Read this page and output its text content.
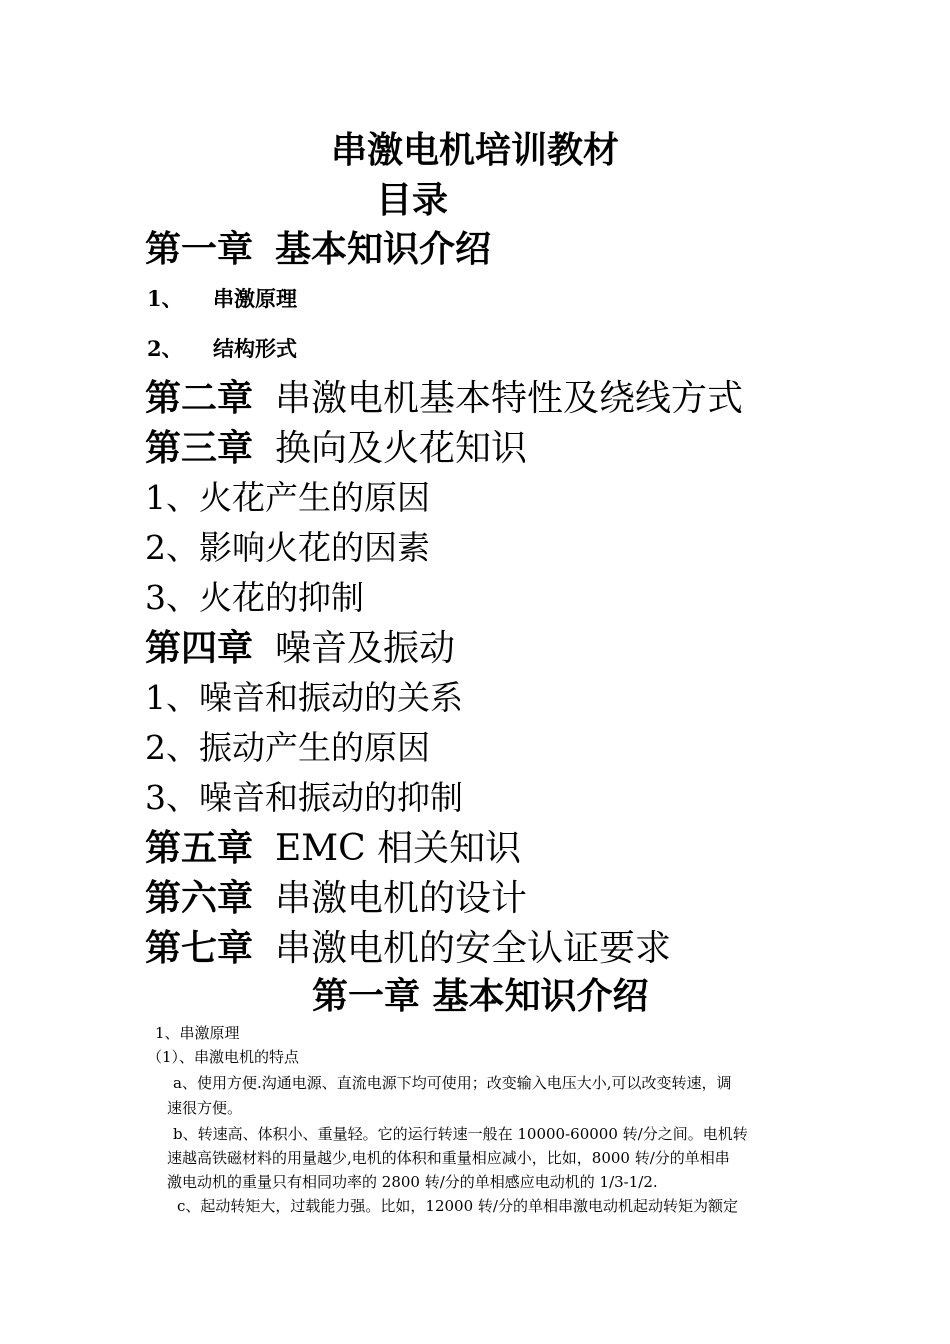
串激电机培训教材
目录
第一章 基本知识介绍
1、 串激原理
2、 结构形式
第二章 串激电机基本特性及绕线方式
第三章 换向及火花知识
1、火花产生的原因
2、影响火花的因素
3、火花的抑制
第四章 噪音及振动
1、噪音和振动的关系
2、振动产生的原因
3、噪音和振动的抑制
第五章 EMC 相关知识
第六章 串激电机的设计
第七章 串激电机的安全认证要求
第一章 基本知识介绍
1、串激原理
（1）、串激电机的特点
a、使用方便.沟通电源、直流电源下均可使用；改变输入电压大小,可以改变转速，调
速很方便。
b、转速高、体积小、重量轻。它的运行转速一般在 10000-60000 转/分之间。电机转
速越高铁磁材料的用量越少,电机的体积和重量相应减小，比如，8000 转/分的单相串
激电动机的重量只有相同功率的 2800 转/分的单相感应电动机的 1/3-1/2.
c、起动转矩大，过载能力强。比如，12000 转/分的单相串激电动机起动转矩为额定
